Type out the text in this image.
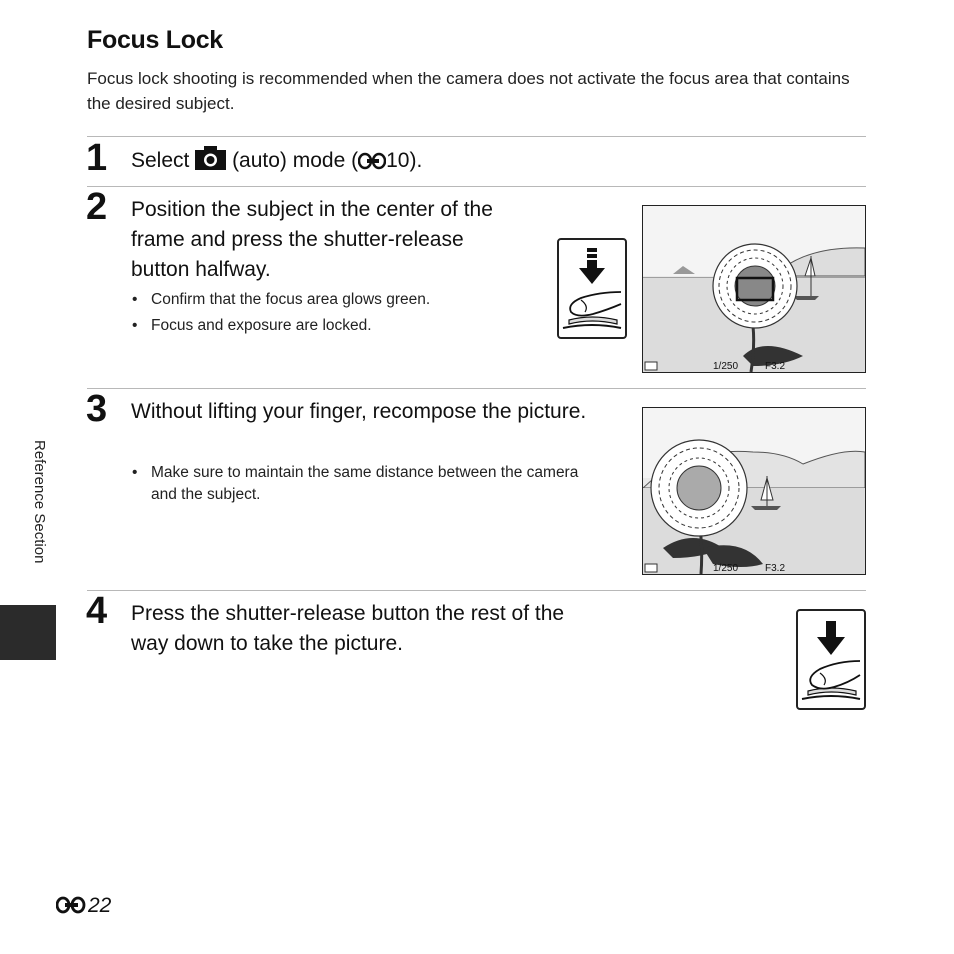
Focus Lock
Focus lock shooting is recommended when the camera does not activate the focus area that contains the desired subject.
1 Select (auto) mode ( 10).
2 Position the subject in the center of the frame and press the shutter-release button halfway.
• Confirm that the focus area glows green.
• Focus and exposure are locked.
1/250	F3.2
3 Without lifting your finger, recompose the picture.
• Make sure to maintain the same distance between the camera and the subject.
1/250	F3.2
4 Press the shutter-release button the rest of the way down to take the picture.
Reference Section
22
